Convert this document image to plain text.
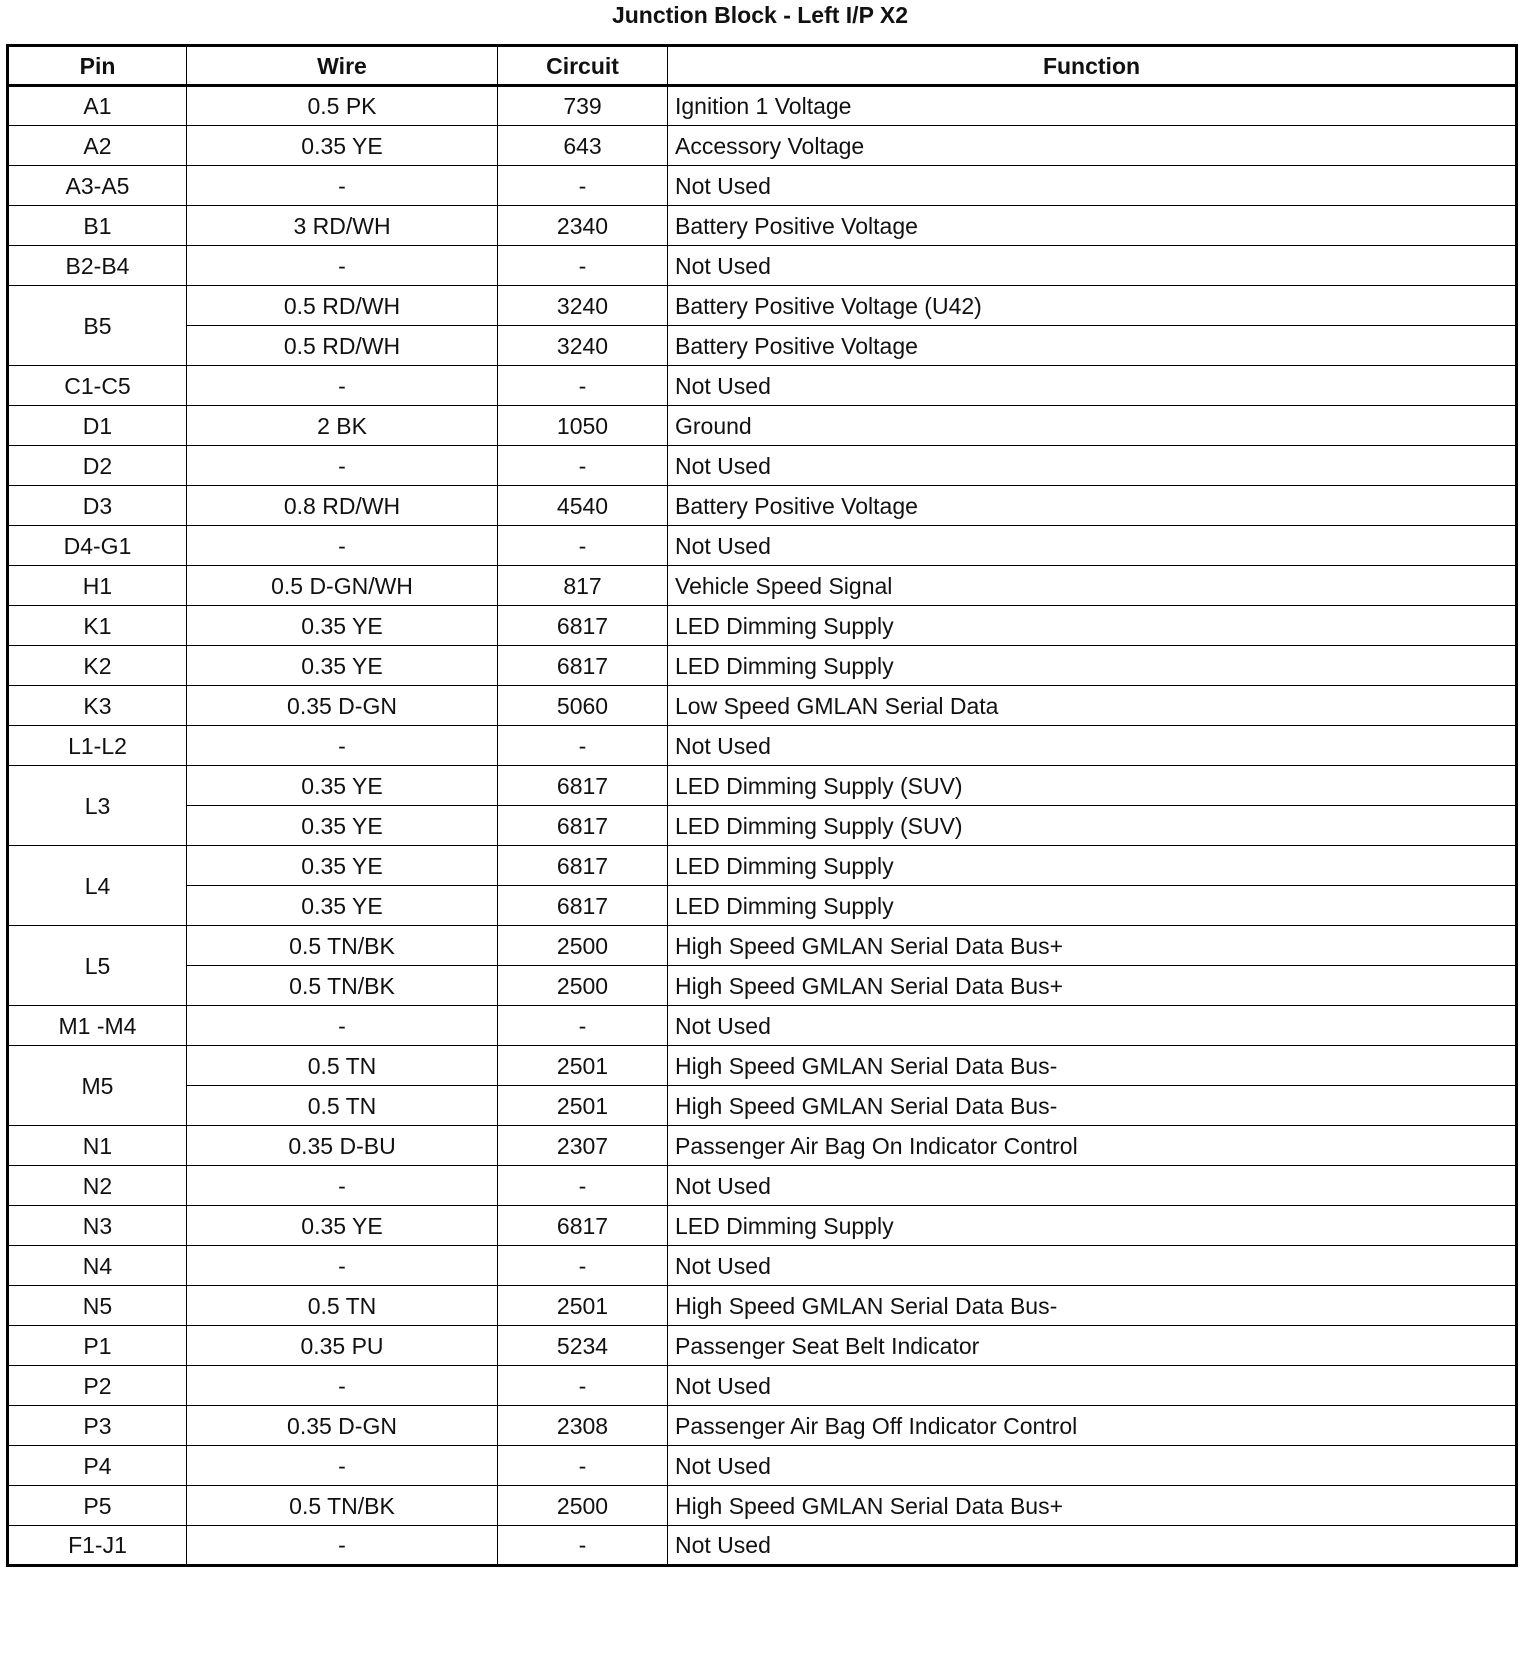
Junction Block - Left I/P X2
Pin	Wire	Circuit	Function
A1	0.5 PK	739	Ignition 1 Voltage
A2	0.35 YE	643	Accessory Voltage
A3-A5	-	-	Not Used
B1	3 RD/WH	2340	Battery Positive Voltage
B2-B4	-	-	Not Used
B5	0.5 RD/WH	3240	Battery Positive Voltage (U42)
	0.5 RD/WH	3240	Battery Positive Voltage
C1-C5	-	-	Not Used
D1	2 BK	1050	Ground
D2	-	-	Not Used
D3	0.8 RD/WH	4540	Battery Positive Voltage
D4-G1	-	-	Not Used
H1	0.5 D-GN/WH	817	Vehicle Speed Signal
K1	0.35 YE	6817	LED Dimming Supply
K2	0.35 YE	6817	LED Dimming Supply
K3	0.35 D-GN	5060	Low Speed GMLAN Serial Data
L1-L2	-	-	Not Used
L3	0.35 YE	6817	LED Dimming Supply (SUV)
	0.35 YE	6817	LED Dimming Supply (SUV)
L4	0.35 YE	6817	LED Dimming Supply
	0.35 YE	6817	LED Dimming Supply
L5	0.5 TN/BK	2500	High Speed GMLAN Serial Data Bus+
	0.5 TN/BK	2500	High Speed GMLAN Serial Data Bus+
M1 -M4	-	-	Not Used
M5	0.5 TN	2501	High Speed GMLAN Serial Data Bus-
	0.5 TN	2501	High Speed GMLAN Serial Data Bus-
N1	0.35 D-BU	2307	Passenger Air Bag On Indicator Control
N2	-	-	Not Used
N3	0.35 YE	6817	LED Dimming Supply
N4	-	-	Not Used
N5	0.5 TN	2501	High Speed GMLAN Serial Data Bus-
P1	0.35 PU	5234	Passenger Seat Belt Indicator
P2	-	-	Not Used
P3	0.35 D-GN	2308	Passenger Air Bag Off Indicator Control
P4	-	-	Not Used
P5	0.5 TN/BK	2500	High Speed GMLAN Serial Data Bus+
F1-J1	-	-	Not Used
